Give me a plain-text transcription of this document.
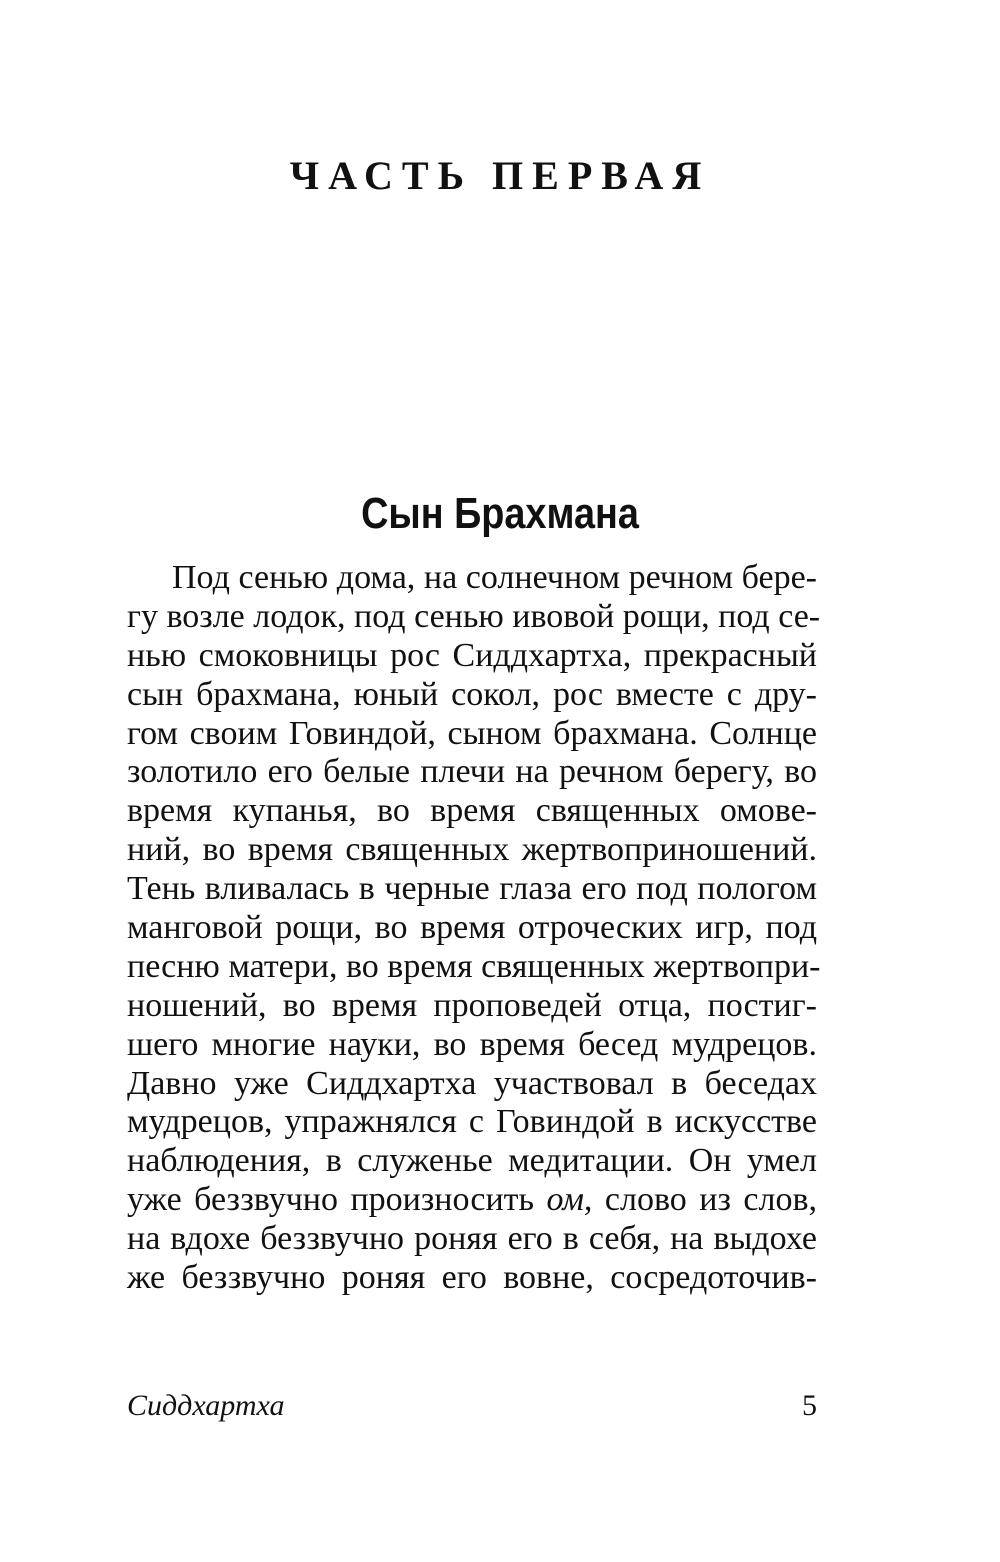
ЧАСТЬ ПЕРВАЯ
Сын Брахмана
Под сенью дома, на солнечном речном бере-
гу возле лодок, под сенью ивовой рощи, под се-
нью смоковницы рос Сиддхартха, прекрасный
сын брахмана, юный сокол, рос вместе с дру-
гом своим Говиндой, сыном брахмана. Солнце
золотило его белые плечи на речном берегу, во
время купанья, во время священных омове-
ний, во время священных жертвоприношений.
Тень вливалась в черные глаза его под пологом
манговой рощи, во время отроческих игр, под
песню матери, во время священных жертвопри-
ношений, во время проповедей отца, постиг-
шего многие науки, во время бесед мудрецов.
Давно уже Сиддхартха участвовал в беседах
мудрецов, упражнялся с Говиндой в искусстве
наблюдения, в служенье медитации. Он умел
уже беззвучно произносить ом, слово из слов,
на вдохе беззвучно роняя его в себя, на выдохе
же беззвучно роняя его вовне, сосредоточив-
Сиддхартха	5
